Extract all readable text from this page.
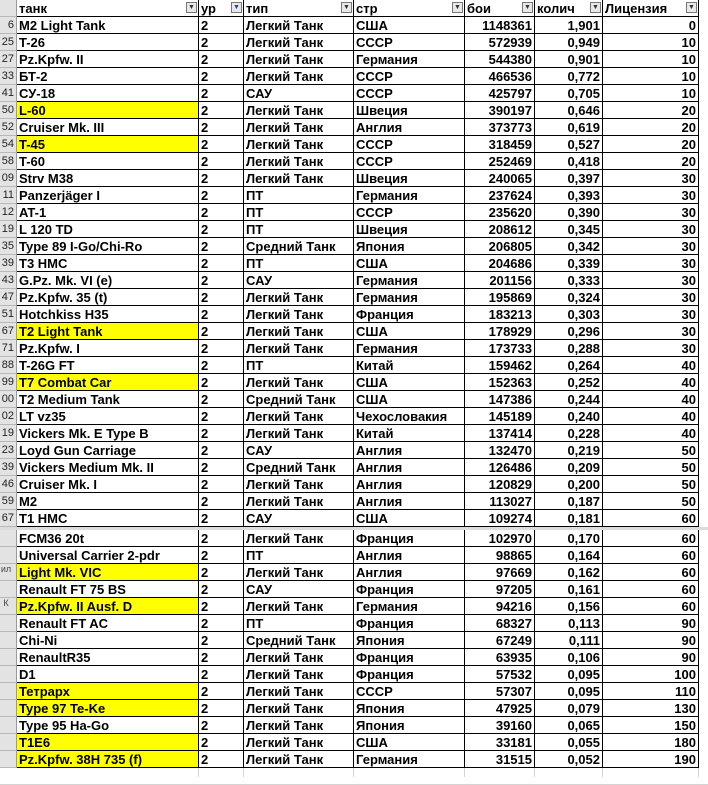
танк	▼ ур ▼ тип	▼ стр	▼ бои	▼ колич ▼ Лицензия	▼
6 M2 Light Tank	2	Легкий Танк	США	1148361	1,901	0
25 T-26	2	Легкий Танк	СССР	572939	0,949	10
27 Pz.Kpfw. II	2	Легкий Танк	Германия	544380	0,901	10
33 БТ-2	2	Легкий Танк	СССР	466536	0,772	10
41 СУ-18	2	САУ	СССР	425797	0,705	10
50 L-60	2	Легкий Танк	Швеция	390197	0,646	20
52 Cruiser Mk. III	2	Легкий Танк	Англия	373773	0,619	20
54 T-45	2	Легкий Танк	СССР	318459	0,527	20
58 T-60	2	Легкий Танк	СССР	252469	0,418	20
09 Strv M38	2	Легкий Танк	Швеция	240065	0,397	30
11 Panzerjäger I	2	ПТ	Германия	237624	0,393	30
12 AT-1	2	ПТ	СССР	235620	0,390	30
19 L 120 TD	2	ПТ	Швеция	208612	0,345	30
35 Type 89 I-Go/Chi-Ro	2	Средний Танк	Япония	206805	0,342	30
39 T3 HMC	2	ПТ	США	204686	0,339	30
43 G.Pz. Mk. VI (e)	2	САУ	Германия	201156	0,333	30
47 Pz.Kpfw. 35 (t)	2	Легкий Танк	Германия	195869	0,324	30
51 Hotchkiss H35	2	Легкий Танк	Франция	183213	0,303	30
67 T2 Light Tank	2	Легкий Танк	США	178929	0,296	30
71 Pz.Kpfw. I	2	Легкий Танк	Германия	173733	0,288	30
88 T-26G FT	2	ПТ	Китай	159462	0,264	40
99 T7 Combat Car	2	Легкий Танк	США	152363	0,252	40
00 T2 Medium Tank	2	Средний Танк	США	147386	0,244	40
02 LT vz35	2	Легкий Танк	Чехословакия	145189	0,240	40
19 Vickers Mk. E Type B	2	Легкий Танк	Китай	137414	0,228	40
23 Loyd Gun Carriage	2	САУ	Англия	132470	0,219	50
39 Vickers Medium Mk. II	2	Средний Танк	Англия	126486	0,209	50
46 Cruiser Mk. I	2	Легкий Танк	Англия	120829	0,200	50
59 M2	2	Легкий Танк	Англия	113027	0,187	50
67 T1 HMC	2	САУ	США	109274	0,181	60
FCM36 20t	2	Легкий Танк	Франция	102970	0,170	60
Universal Carrier 2-pdr	2	ПТ	Англия	98865	0,164	60
Light Mk. VIC	2	Легкий Танк	Англия	97669	0,162	60
Renault FT 75 BS	2	САУ	Франция	97205	0,161	60
Pz.Kpfw. II Ausf. D	2	Легкий Танк	Германия	94216	0,156	60
Renault FT AC	2	ПТ	Франция	68327	0,113	90
Chi-Ni	2	Средний Танк	Япония	67249	0,111	90
RenaultR35	2	Легкий Танк	Франция	63935	0,106	90
D1	2	Легкий Танк	Франция	57532	0,095	100
Тетрарх	2	Легкий Танк	СССР	57307	0,095	110
Type 97 Te-Ke	2	Легкий Танк	Япония	47925	0,079	130
Type 95 Ha-Go	2	Легкий Танк	Япония	39160	0,065	150
T1E6	2	Легкий Танк	США	33181	0,055	180
Pz.Kpfw. 38H 735 (f)	2	Легкий Танк	Германия	31515	0,052	190
ил
К
